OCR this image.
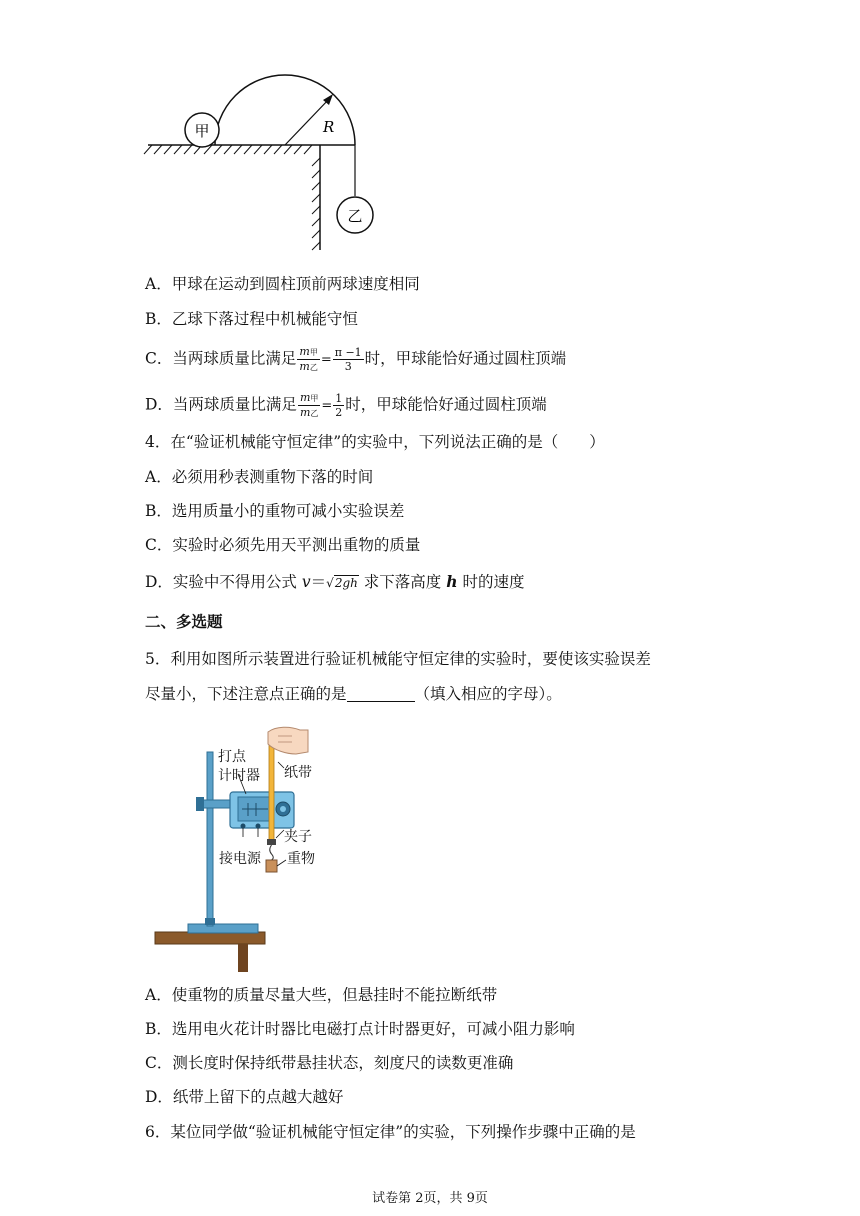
甲
乙
R
A．甲球在运动到圆柱顶前两球速度相同
B．乙球下落过程中机械能守恒
C．当两球质量比满足 $\frac{\text{m甲}}{\text{m乙}} = \frac{\pi -1}{3}$ 时，甲球能恰好通过圆柱顶端
D．当两球质量比满足 $\frac{\text{m甲}}{\text{m乙}} = \frac{1}{2}$ 时，甲球能恰好通过圆柱顶端
4．在“验证机械能守恒定律”的实验中，下列说法正确的是（　　）
A．必须用秒表测重物下落的时间
B．选用质量小的重物可减小实验误差
C．实验时必须先用天平测出重物的质量
D．实验中不得用公式 v＝√2gh 求下落高度 h 时的速度
二、多选题
5．利用如图所示装置进行验证机械能守恒定律的实验时，要使该实验误差
尽量小，下述注意点正确的是	（填入相应的字母）。
打点
计时器 纸带
夹子
接电源 重物
A．使重物的质量尽量大些，但悬挂时不能拉断纸带
B．选用电火花计时器比电磁打点计时器更好，可减小阻力影响
C．测长度时保持纸带悬挂状态，刻度尺的读数更准确
D．纸带上留下的点越大越好
6．某位同学做“验证机械能守恒定律”的实验，下列操作步骤中正确的是
试卷第 2页，共 9页
